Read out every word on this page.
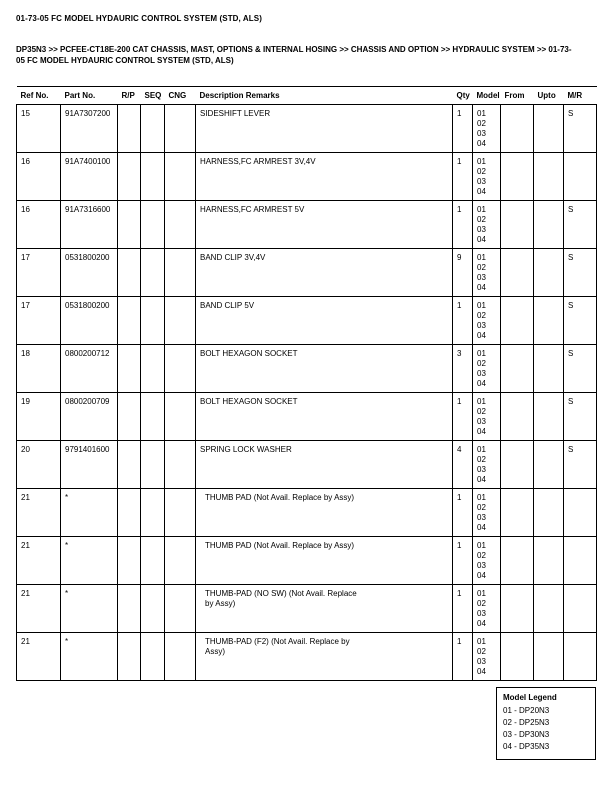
01-73-05 FC MODEL HYDAURIC CONTROL SYSTEM (STD, ALS)
DP35N3 >> PCFEE-CT18E-200 CAT CHASSIS, MAST, OPTIONS & INTERNAL HOSING >> CHASSIS AND OPTION >> HYDRAULIC SYSTEM >> 01-73-05 FC MODEL HYDAURIC CONTROL SYSTEM (STD, ALS)
Ref No.	Part No.	R/P	SEQ	CNG	Description Remarks	Qty	Model	From	Upto	M/R
15	91A7307200				SIDESHIFT LEVER	1	01
02
03
04			S
16	91A7400100				HARNESS,FC ARMREST 3V,4V	1	01
02
03
04			

16	91A7316600				HARNESS,FC ARMREST 5V	1	01
02
03
04			S
17	0531800200				BAND CLIP 3V,4V	9	01
02
03
04			S
17	0531800200				BAND CLIP 5V	1	01
02
03
04			S
18	0800200712				BOLT HEXAGON SOCKET	3	01
02
03
04			S
19	0800200709				BOLT HEXAGON SOCKET	1	01
02
03
04			S
20	9791401600				SPRING LOCK WASHER	4	01
02
03
04			S
21	*				THUMB PAD (Not Avail. Replace by Assy)	1	01
02
03
04			

21	*				THUMB PAD (Not Avail. Replace by Assy)	1	01
02
03
04			

21	*				THUMB-PAD (NO SW) (Not Avail. Replace by Assy)	1	01
02
03
04			

21	*				THUMB-PAD (F2) (Not Avail. Replace by Assy)	1	01
02
03
04			

Model Legend
01 - DP20N3
02 - DP25N3
03 - DP30N3
04 - DP35N3
